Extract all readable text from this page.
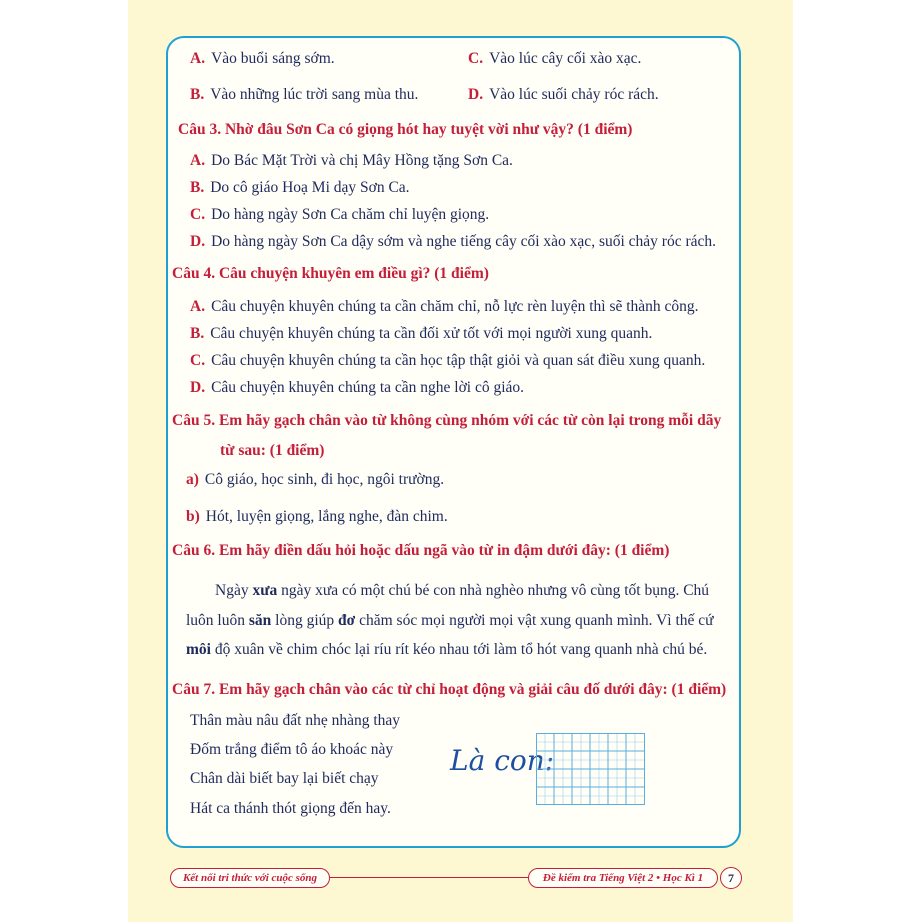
A. Vào buổi sáng sớm.	C. Vào lúc cây cối xào xạc.
B. Vào những lúc trời sang mùa thu.	D. Vào lúc suối chảy róc rách.
Câu 3. Nhờ đâu Sơn Ca có giọng hót hay tuyệt vời như vậy? (1 điểm)
A. Do Bác Mặt Trời và chị Mây Hồng tặng Sơn Ca.
B. Do cô giáo Hoạ Mi dạy Sơn Ca.
C. Do hàng ngày Sơn Ca chăm chỉ luyện giọng.
D. Do hàng ngày Sơn Ca dậy sớm và nghe tiếng cây cối xào xạc, suối chảy róc rách.
Câu 4. Câu chuyện khuyên em điều gì? (1 điểm)
A. Câu chuyện khuyên chúng ta cần chăm chỉ, nỗ lực rèn luyện thì sẽ thành công.
B. Câu chuyện khuyên chúng ta cần đối xử tốt với mọi người xung quanh.
C. Câu chuyện khuyên chúng ta cần học tập thật giỏi và quan sát điều xung quanh.
D. Câu chuyện khuyên chúng ta cần nghe lời cô giáo.
Câu 5. Em hãy gạch chân vào từ không cùng nhóm với các từ còn lại trong mỗi dãy
từ sau: (1 điểm)
a) Cô giáo, học sinh, đi học, ngôi trường.
b) Hót, luyện giọng, lắng nghe, đàn chim.
Câu 6. Em hãy điền dấu hỏi hoặc dấu ngã vào từ in đậm dưới đây: (1 điểm)
Ngày xưa ngày xưa có một chú bé con nhà nghèo nhưng vô cùng tốt bụng. Chú
luôn luôn săn lòng giúp đơ chăm sóc mọi người mọi vật xung quanh mình. Vì thế cứ
môi độ xuân về chim chóc lại ríu rít kéo nhau tới làm tổ hót vang quanh nhà chú bé.
Câu 7. Em hãy gạch chân vào các từ chỉ hoạt động và giải câu đố dưới đây: (1 điểm)
Thân màu nâu đất nhẹ nhàng thay
Đốm trắng điểm tô áo khoác này
Chân dài biết bay lại biết chạy
Hát ca thánh thót giọng đến hay.
Là con:
Kết nối tri thức với cuộc sống	Đề kiểm tra Tiếng Việt 2 • Học Kì 1	7
